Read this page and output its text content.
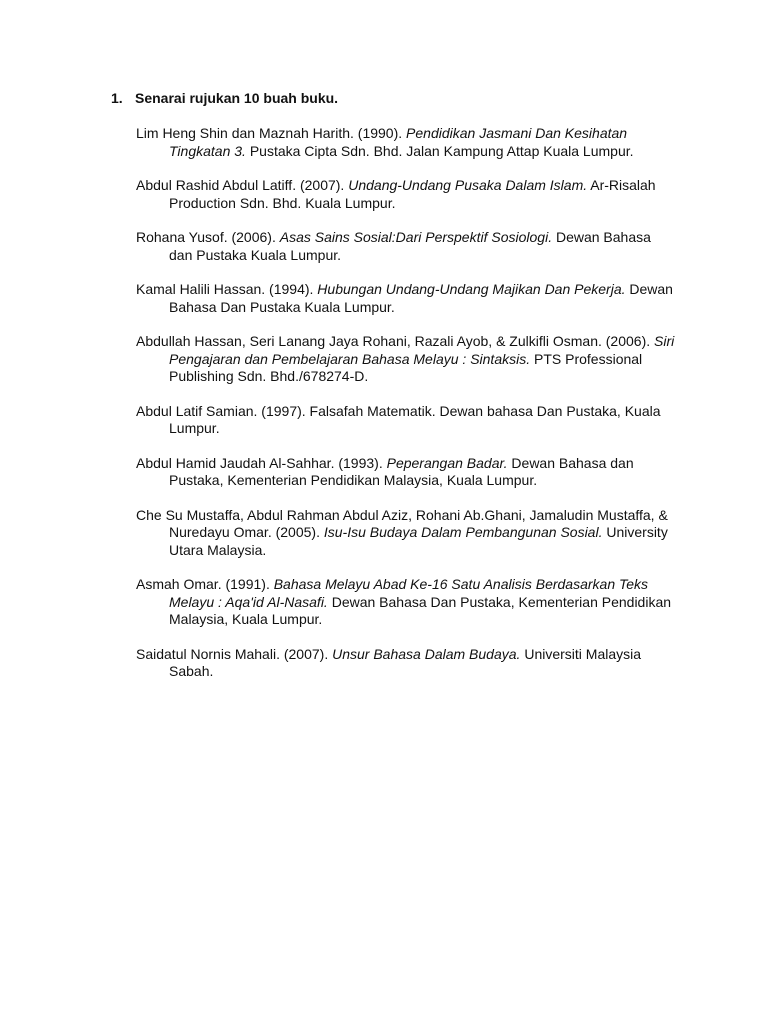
1. Senarai rujukan 10 buah buku.

Lim Heng Shin dan Maznah Harith. (1990). Pendidikan Jasmani Dan Kesihatan Tingkatan 3. Pustaka Cipta Sdn. Bhd. Jalan Kampung Attap Kuala Lumpur.

Abdul Rashid Abdul Latiff. (2007). Undang-Undang Pusaka Dalam Islam. Ar-Risalah Production Sdn. Bhd. Kuala Lumpur.

Rohana Yusof. (2006). Asas Sains Sosial:Dari Perspektif Sosiologi. Dewan Bahasa dan Pustaka Kuala Lumpur.

Kamal Halili Hassan. (1994). Hubungan Undang-Undang Majikan Dan Pekerja. Dewan Bahasa Dan Pustaka Kuala Lumpur.

Abdullah Hassan, Seri Lanang Jaya Rohani, Razali Ayob, & Zulkifli Osman. (2006). Siri Pengajaran dan Pembelajaran Bahasa Melayu : Sintaksis. PTS Professional Publishing Sdn. Bhd./678274-D.

Abdul Latif Samian. (1997). Falsafah Matematik. Dewan bahasa Dan Pustaka, Kuala Lumpur.

Abdul Hamid Jaudah Al-Sahhar. (1993). Peperangan Badar. Dewan Bahasa dan Pustaka, Kementerian Pendidikan Malaysia, Kuala Lumpur.

Che Su Mustaffa, Abdul Rahman Abdul Aziz, Rohani Ab.Ghani, Jamaludin Mustaffa, & Nuredayu Omar. (2005). Isu-Isu Budaya Dalam Pembangunan Sosial. University Utara Malaysia.

Asmah Omar. (1991). Bahasa Melayu Abad Ke-16 Satu Analisis Berdasarkan Teks Melayu : Aqa'id Al-Nasafi. Dewan Bahasa Dan Pustaka, Kementerian Pendidikan Malaysia, Kuala Lumpur.

Saidatul Nornis Mahali. (2007). Unsur Bahasa Dalam Budaya. Universiti Malaysia Sabah.
